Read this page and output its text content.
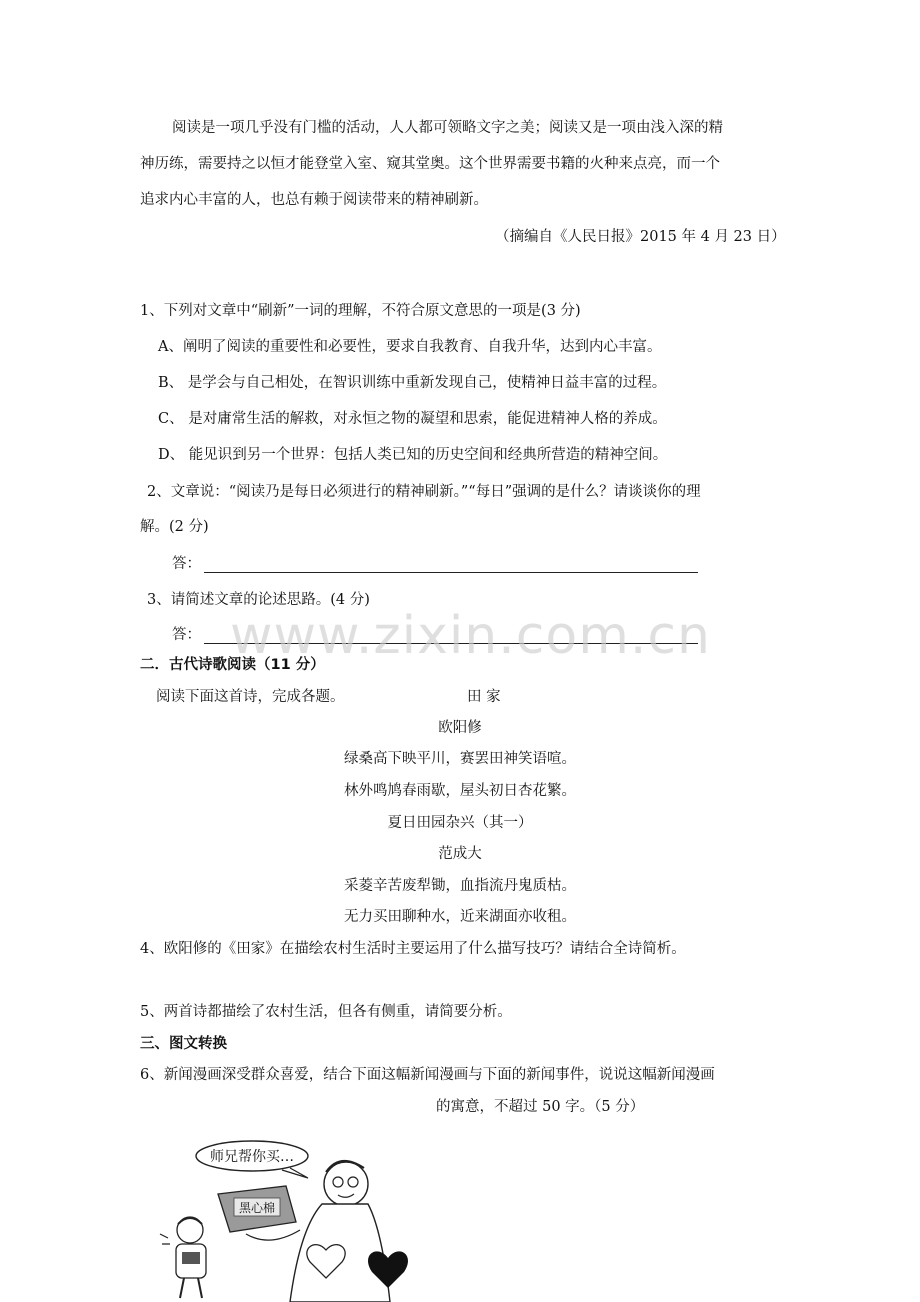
阅读是一项几乎没有门槛的活动，人人都可领略文字之美；阅读又是一项由浅入深的精
神历练，需要持之以恒才能登堂入室、窥其堂奥。这个世界需要书籍的火种来点亮，而一个
追求内心丰富的人，也总有赖于阅读带来的精神刷新。
（摘编自《人民日报》2015 年 4 月 23 日）
1、下列对文章中“刷新”一词的理解，不符合原文意思的一项是(3 分)
A、阐明了阅读的重要性和必要性，要求自我教育、自我升华，达到内心丰富。
B、 是学会与自己相处，在智识训练中重新发现自己，使精神日益丰富的过程。
C、 是对庸常生活的解救，对永恒之物的凝望和思索，能促进精神人格的养成。
D、 能见识到另一个世界：包括人类已知的历史空间和经典所营造的精神空间。
2、文章说：“阅读乃是每日必须进行的精神刷新。”“每日”强调的是什么？请谈谈你的理
解。(2 分)
答：
3、请简述文章的论述思路。(4 分)
答： www.zixin.com.cn
二．古代诗歌阅读（11 分）
阅读下面这首诗，完成各题。	田 家
欧阳修
绿桑高下映平川，赛罢田神笑语喧。
林外鸣鸠春雨歇，屋头初日杏花繁。
夏日田园杂兴（其一）
范成大
采菱辛苦废犁锄，血指流丹鬼质枯。
无力买田聊种水，近来湖面亦收租。
4、欧阳修的《田家》在描绘农村生活时主要运用了什么描写技巧？请结合全诗简析。
5、两首诗都描绘了农村生活，但各有侧重，请简要分析。
三、图文转换
6、新闻漫画深受群众喜爱，结合下面这幅新闻漫画与下面的新闻事件，说说这幅新闻漫画
的寓意，不超过 50 字。（5 分）
师兄帮你买…
黑心棉
